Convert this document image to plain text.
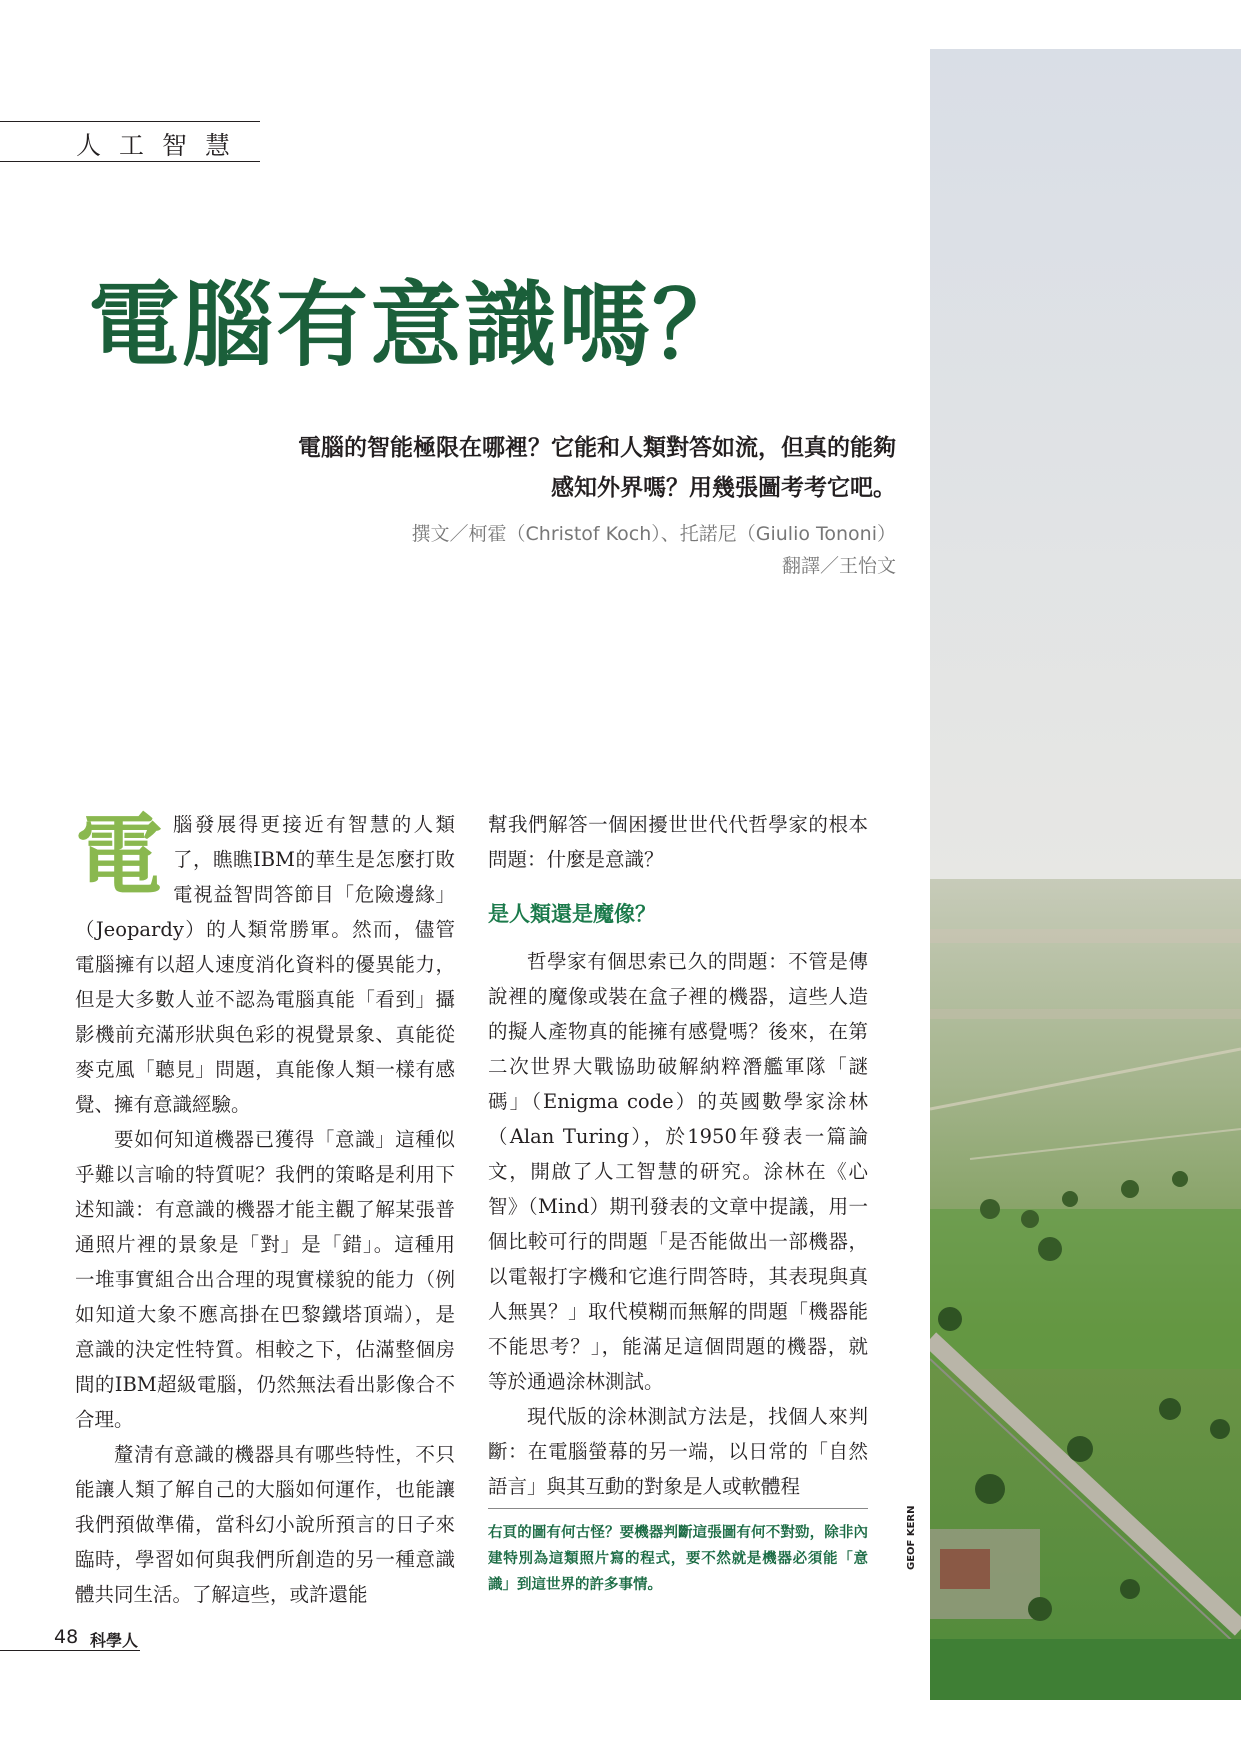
人工智慧
電腦有意識嗎？
電腦的智能極限在哪裡？它能和人類對答如流，但真的能夠
感知外界嗎？用幾張圖考考它吧。
撰文／柯霍（Christof Koch）、托諾尼（Giulio Tononi）
翻譯／王怡文

電 腦發展得更接近有智慧的人類了，瞧瞧IBM的華生是怎麼打敗電視益智問答節目「危險邊緣」（Jeopardy）的人類常勝軍。然而，儘管電腦擁有以超人速度消化資料的優異能力，但是大多數人並不認為電腦真能「看到」攝影機前充滿形狀與色彩的視覺景象、真能從麥克風「聽見」問題，真能像人類一樣有感覺、擁有意識經驗。

要如何知道機器已獲得「意識」這種似乎難以言喻的特質呢？我們的策略是利用下述知識：有意識的機器才能主觀了解某張普通照片裡的景象是「對」是「錯」。這種用一堆事實組合出合理的現實樣貌的能力（例如知道大象不應高掛在巴黎鐵塔頂端），是意識的決定性特質。相較之下，佔滿整個房間的IBM超級電腦，仍然無法看出影像合不合理。

釐清有意識的機器具有哪些特性，不只能讓人類了解自己的大腦如何運作，也能讓我們預做準備，當科幻小說所預言的日子來臨時，學習如何與我們所創造的另一種意識體共同生活。了解這些，或許還能

幫我們解答一個困擾世世代代哲學家的根本問題：什麼是意識？

是人類還是魔像？

哲學家有個思索已久的問題：不管是傳說裡的魔像或裝在盒子裡的機器，這些人造的擬人產物真的能擁有感覺嗎？後來，在第二次世界大戰協助破解納粹潛艦軍隊「謎碼」（Enigma code）的英國數學家涂林（Alan Turing），於1950年發表一篇論文，開啟了人工智慧的研究。涂林在《心智》（Mind）期刊發表的文章中提議，用一個比較可行的問題「是否能做出一部機器，以電報打字機和它進行問答時，其表現與真人無異？」取代模糊而無解的問題「機器能不能思考？」，能滿足這個問題的機器，就等於通過涂林測試。

現代版的涂林測試方法是，找個人來判斷：在電腦螢幕的另一端，以日常的「自然語言」與其互動的對象是人或軟體程

右頁的圖有何古怪？要機器判斷這張圖有何不對勁，除非內建特別為這類照片寫的程式，要不然就是機器必須能「意識」到這世界的許多事情。
GEOF KERN
48 科學人
